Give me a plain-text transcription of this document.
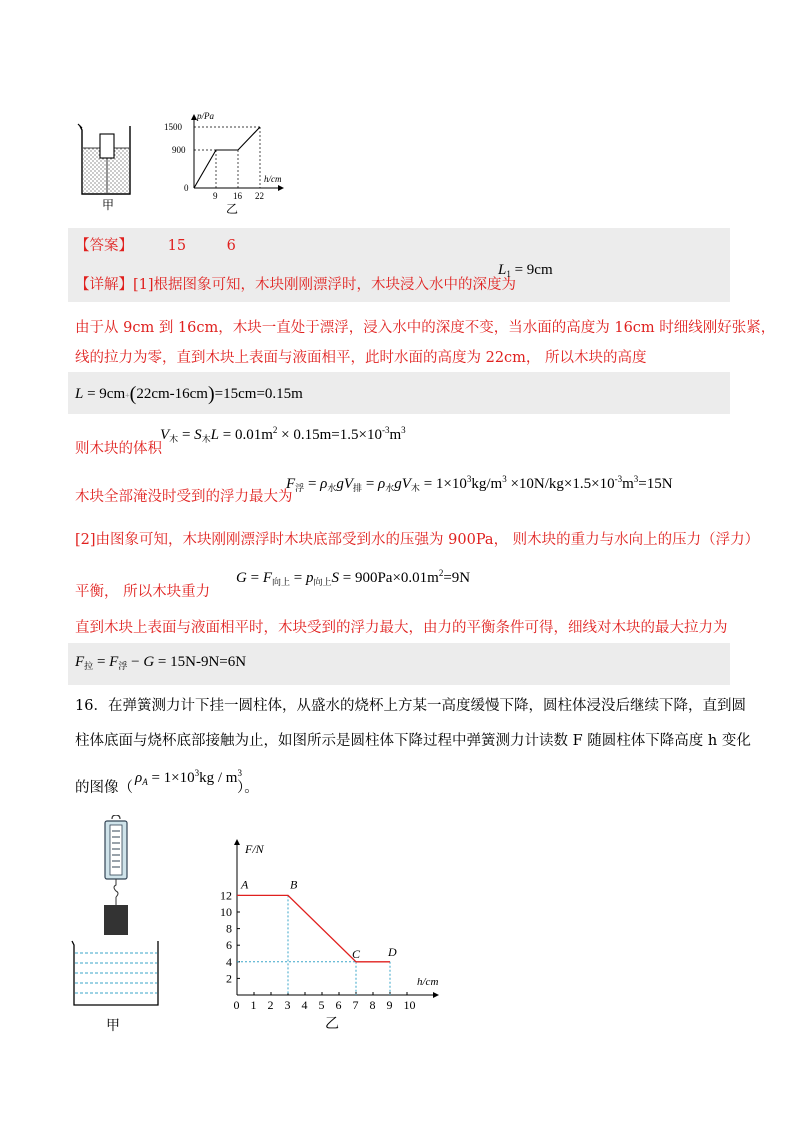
甲
p/Pa
h/cm
1500
900
0
9 16 22
乙
【答案】 15	6
【详解】[1]根据图象可知，木块刚刚漂浮时，木块浸入水中的深度为
$L_1 = 9cm$
由于从 9cm 到 16cm，木块一直处于漂浮，浸入水中的深度不变，当水面的高度为 16cm 时细线刚好张紧，
线的拉力为零，直到木块上表面与液面相平，此时水面的高度为 22cm， 所以木块的高度
L = 9cm+(22cm-16cm)=15cm=0.15m
则木块的体积
$V_木 = S_木L = 0.01m^2 \times 0.15m=1.5\times 10^{-3}m^3$
木块全部淹没时受到的浮力最大为
$F_浮 = \rho_水gV_排 = \rho_水gV_木 = 1\times 10^3kg/m^3 \times 10N/kg\times 1.5\times 10^{-3}m^3=15N$
[2]由图象可知，木块刚刚漂浮时木块底部受到水的压强为 900Pa， 则木块的重力与水向上的压力（浮力）
平衡， 所以木块重力
$G = F_{向上} = p_{向上}S = 900Pa\times 0.01m^2=9N$
直到木块上表面与液面相平时，木块受到的浮力最大，由力的平衡条件可得，细线对木块的最大拉力为
$F_拉 = F_浮 - G = 15N-9N=6N$
16．在弹簧测力计下挂一圆柱体，从盛水的烧杯上方某一高度缓慢下降，圆柱体浸没后继续下降，直到圆
柱体底面与烧杯底部接触为止，如图所示是圆柱体下降过程中弹簧测力计读数 F 随圆柱体下降高度 h 变化
的图像（
$\rho_A = 1\times 10^3kg / m^3$
）。
甲
F/N
h/cm
0 1 2 3 4 5 6 7 8 9 10
2
4
6
8
10
12
A	B
C D
乙
